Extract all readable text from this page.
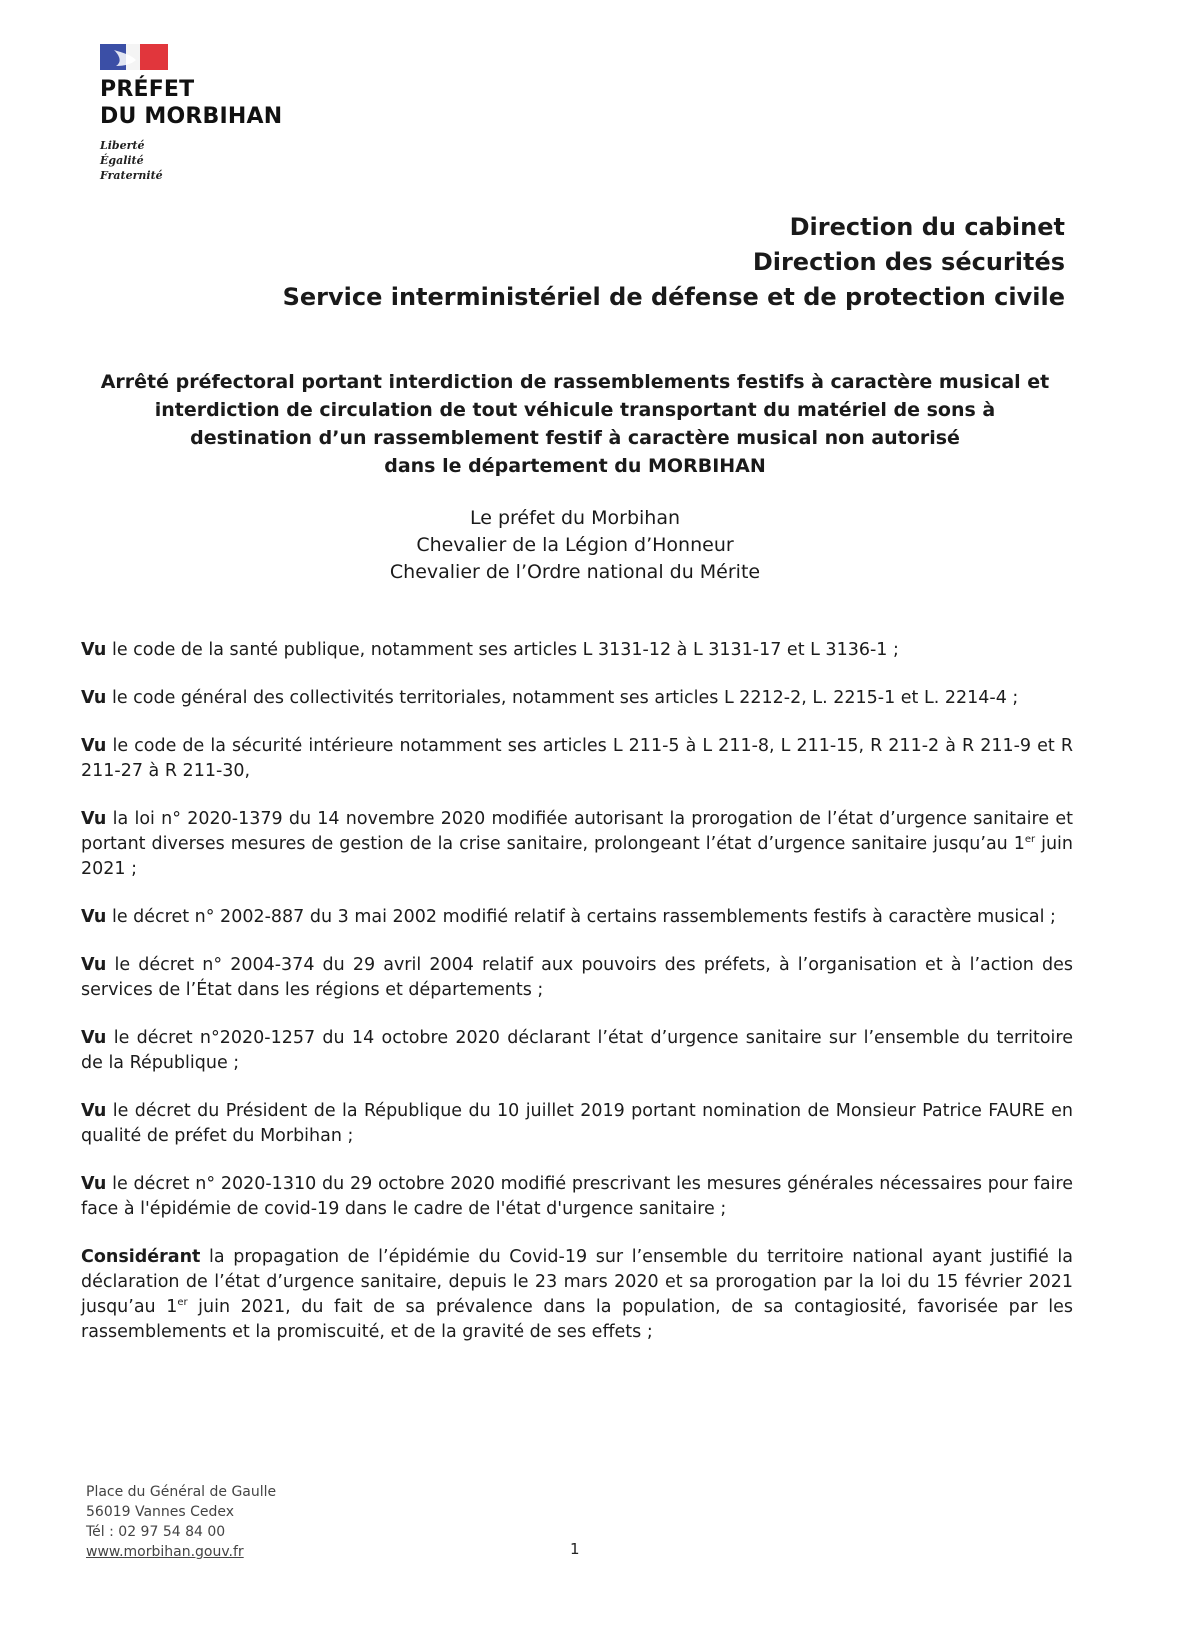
PRÉFET
DU MORBIHAN
Liberté
Égalité
Fraternité
Direction du cabinet
Direction des sécurités
Service interministériel de défense et de protection civile
Arrêté préfectoral portant interdiction de rassemblements festifs à caractère musical et
interdiction de circulation de tout véhicule transportant du matériel de sons à
destination d’un rassemblement festif à caractère musical non autorisé
dans le département du MORBIHAN
Le préfet du Morbihan
Chevalier de la Légion d’Honneur
Chevalier de l’Ordre national du Mérite

Vu le code de la santé publique, notamment ses articles L 3131-12 à L 3131-17 et L 3136-1 ;

Vu le code général des collectivités territoriales, notamment ses articles L 2212-2, L. 2215-1 et L. 2214-4 ;

Vu le code de la sécurité intérieure notamment ses articles L 211-5 à L 211-8, L 211-15, R 211-2 à R 211-9 et R 211-27 à R 211-30,

Vu la loi n° 2020-1379 du 14 novembre 2020 modifiée autorisant la prorogation de l’état d’urgence sanitaire et portant diverses mesures de gestion de la crise sanitaire, prolongeant l’état d’urgence sanitaire jusqu’au 1er juin 2021 ;

Vu le décret n° 2002-887 du 3 mai 2002 modifié relatif à certains rassemblements festifs à caractère musical ;

Vu le décret n° 2004-374 du 29 avril 2004 relatif aux pouvoirs des préfets, à l’organisation et à l’action des services de l’État dans les régions et départements ;

Vu le décret n°2020-1257 du 14 octobre 2020 déclarant l’état d’urgence sanitaire sur l’ensemble du territoire de la République ;

Vu le décret du Président de la République du 10 juillet 2019 portant nomination de Monsieur Patrice FAURE en qualité de préfet du Morbihan ;

Vu le décret n° 2020-1310 du 29 octobre 2020 modifié prescrivant les mesures générales nécessaires pour faire face à l'épidémie de covid-19 dans le cadre de l'état d'urgence sanitaire ;

Considérant la propagation de l’épidémie du Covid-19 sur l’ensemble du territoire national ayant justifié la déclaration de l’état d’urgence sanitaire, depuis le 23 mars 2020 et sa prorogation par la loi du 15 février 2021 jusqu’au 1er juin 2021, du fait de sa prévalence dans la population, de sa contagiosité, favorisée par les rassemblements et la promiscuité, et de la gravité de ses effets ;

Place du Général de Gaulle
56019 Vannes Cedex
Tél : 02 97 54 84 00
www.morbihan.gouv.fr	1
